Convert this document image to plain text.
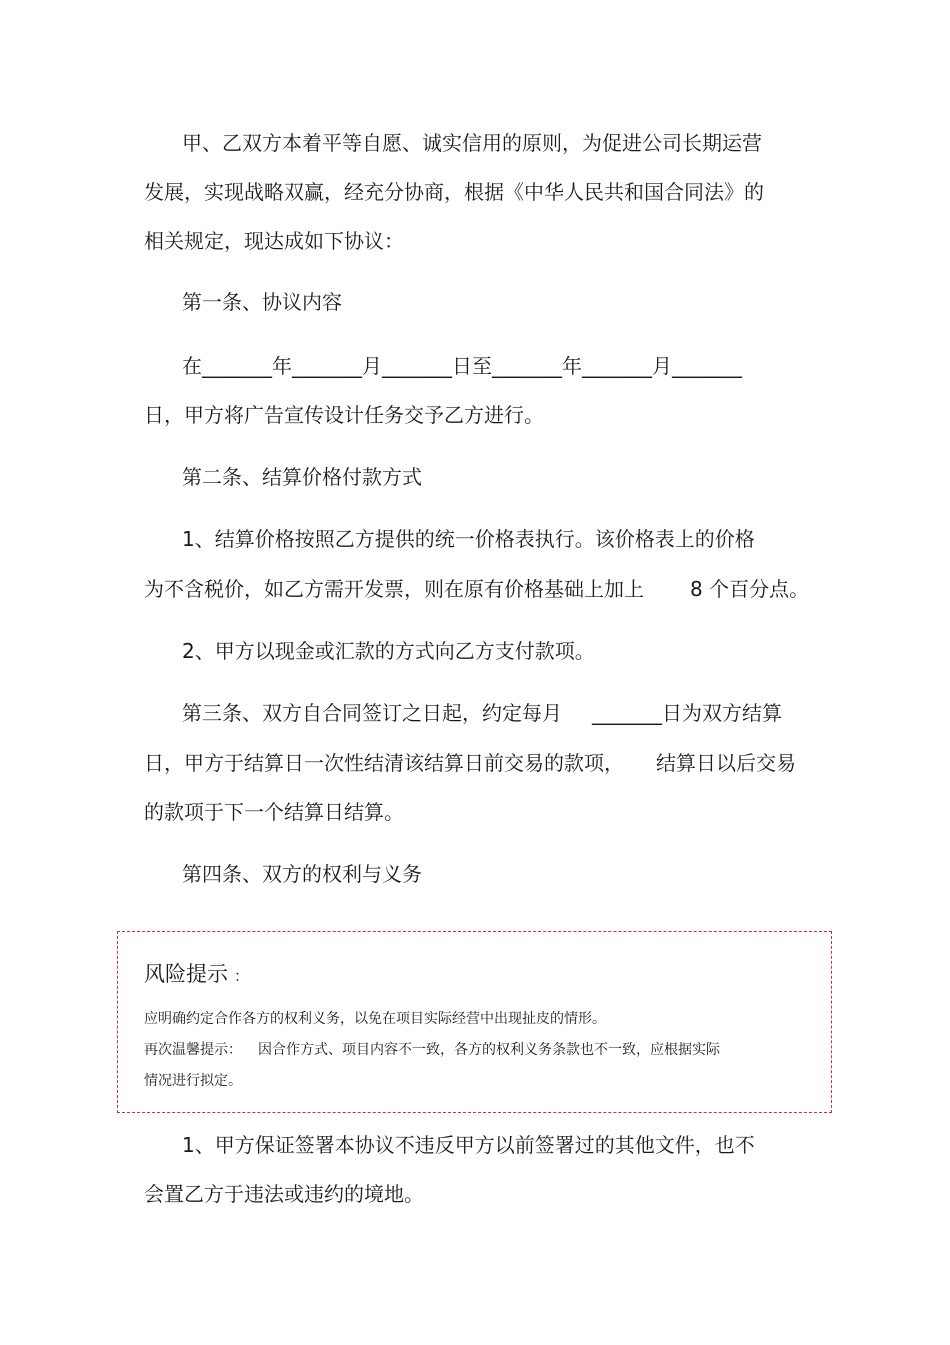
甲、乙双方本着平等自愿、诚实信用的原则，为促进公司长期运营
发展，实现战略双赢，经充分协商，根据《中华人民共和国合同法》的
相关规定，现达成如下协议：
第一条、协议内容
在_______年_______月_______日至_______年_______月_______
日，甲方将广告宣传设计任务交予乙方进行。
第二条、结算价格付款方式
1、结算价格按照乙方提供的统一价格表执行。该价格表上的价格
为不含税价，如乙方需开发票，则在原有价格基础上加上 8 个百分点。
2、甲方以现金或汇款的方式向乙方支付款项。
第三条、双方自合同签订之日起，约定每月 _______日为双方结算
日，甲方于结算日一次性结清该结算日前交易的款项， 结算日以后交易
的款项于下一个结算日结算。
第四条、双方的权利与义务
风险提示 ：
应明确约定合作各方的权利义务，以免在项目实际经营中出现扯皮的情形。
再次温馨提示： 因合作方式、项目内容不一致，各方的权利义务条款也不一致，应根据实际
情况进行拟定。
1、甲方保证签署本协议不违反甲方以前签署过的其他文件，也不
会置乙方于违法或违约的境地。
